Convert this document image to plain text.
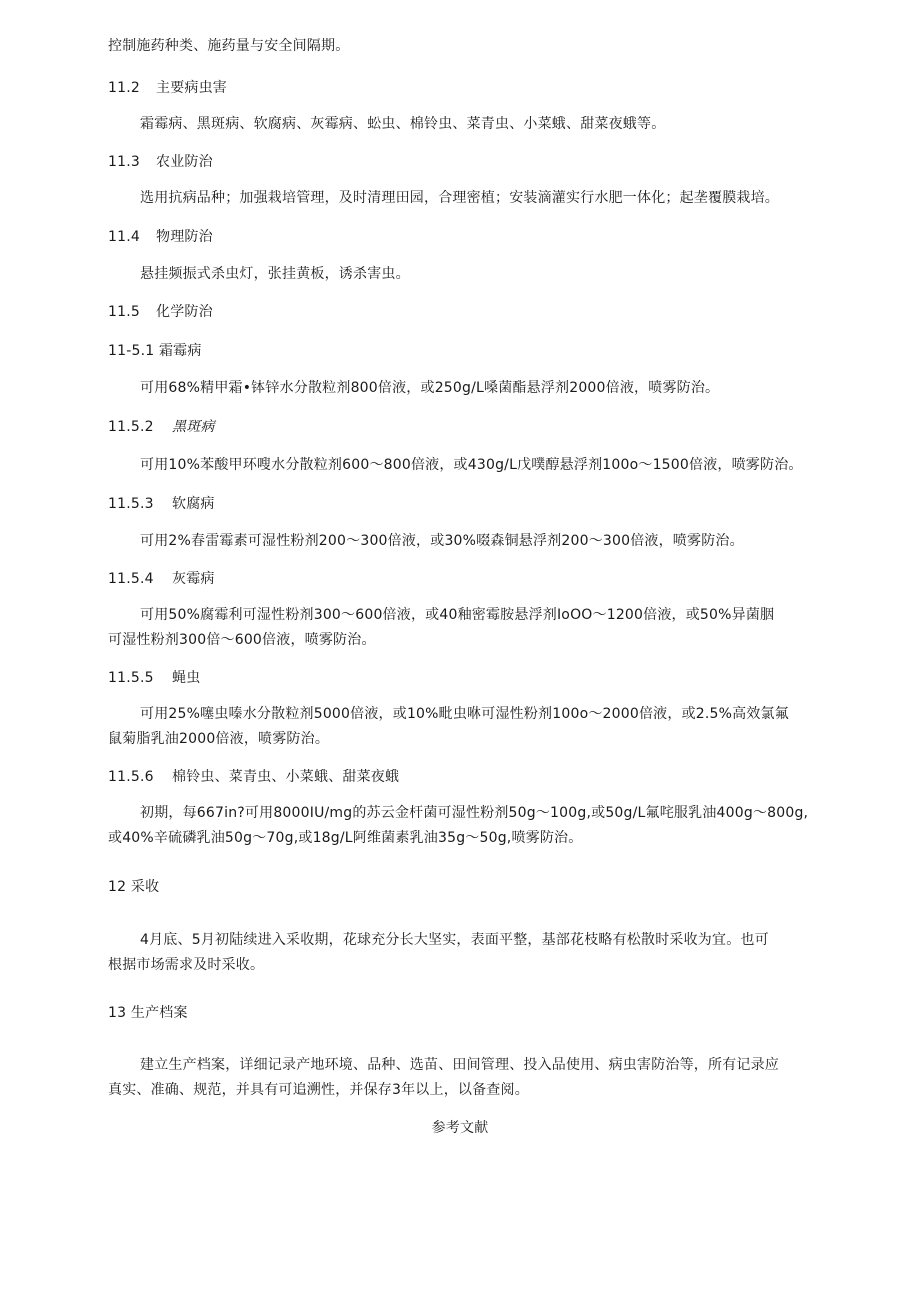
控制施药种类、施药量与安全间隔期。
11.2 主要病虫害
霜霉病、黑斑病、软腐病、灰霉病、蚣虫、棉铃虫、菜青虫、小菜蛾、甜菜夜蛾等。
11.3 农业防治
选用抗病品种；加强栽培管理，及时清理田园，合理密植；安装滴灌实行水肥一体化；起垄覆膜栽培。
11.4 物理防治
悬挂频振式杀虫灯，张挂黄板，诱杀害虫。
11.5 化学防治
11-5.1 霜霉病
可用68%精甲霜•钵锌水分散粒剂800倍液，或250g/L嗓菌酯悬浮剂2000倍液，喷雾防治。
11.5.2 黑斑病
可用10%苯酸甲环嗖水分散粒剂600～800倍液，或430g/L戊噗醇悬浮剂100o～1500倍液，喷雾防治。
11.5.3 软腐病
可用2%春雷霉素可湿性粉剂200～300倍液，或30%啜森铜悬浮剂200～300倍液，喷雾防治。
11.5.4 灰霉病
可用50%腐霉利可湿性粉剂300～600倍液，或40釉密霉胺悬浮剂IoOO～1200倍液，或50%异菌胭
可湿性粉剂300倍～600倍液，喷雾防治。
11.5.5 蝇虫
可用25%噻虫嗪水分散粒剂5000倍液，或10%毗虫咻可湿性粉剂100o～2000倍液，或2.5%高效氯氟
鼠菊脂乳油2000倍液，喷雾防治。
11.5.6 棉铃虫、菜青虫、小菜蛾、甜菜夜蛾
初期，每667in?可用8000IU∕mg的苏云金杆菌可湿性粉剂50g～100g,或50g/L氟咤服乳油400g～800g,
或40%辛硫磷乳油50g～70g,或18g/L阿维菌素乳油35g～50g,喷雾防治。
12 采收
4月底、5月初陆续进入采收期，花球充分长大坚实，表面平整，基部花枝略有松散时采收为宜。也可
根据市场需求及时采收。
13 生产档案
建立生产档案，详细记录产地环境、品种、选苗、田间管理、投入品使用、病虫害防治等，所有记录应
真实、准确、规范，并具有可追溯性，并保存3年以上，以备查阅。
参考文献
